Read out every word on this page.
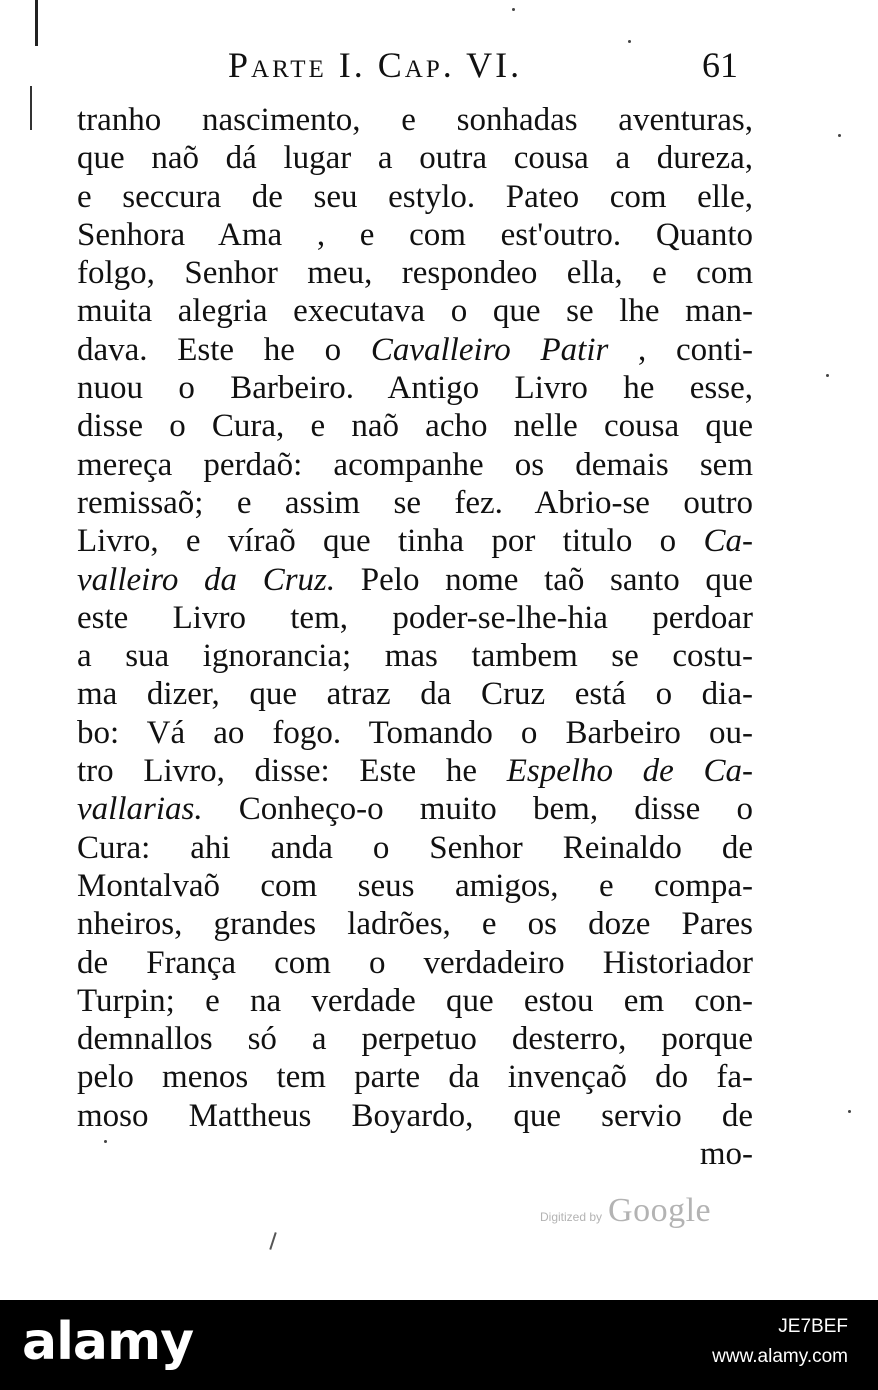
Parte I. Cap. VI.	61
tranho nascimento, e sonhadas aventuras,
que naõ dá lugar a outra cousa a dureza,
e seccura de seu estylo. Pateo com elle,
Senhora Ama , e com est'outro. Quanto
folgo, Senhor meu, respondeo ella, e com
muita alegria executava o que se lhe man-
dava. Este he o Cavalleiro Patir , conti-
nuou o Barbeiro. Antigo Livro he esse,
disse o Cura, e naõ acho nelle cousa que
mereça perdaõ: acompanhe os demais sem
remissaõ; e assim se fez. Abrio-se outro
Livro, e víraõ que tinha por titulo o Ca-
valleiro da Cruz. Pelo nome taõ santo que
este Livro tem, poder-se-lhe-hia perdoar
a sua ignorancia; mas tambem se costu-
ma dizer, que atraz da Cruz está o dia-
bo: Vá ao fogo. Tomando o Barbeiro ou-
tro Livro, disse: Este he Espelho de Ca-
vallarias. Conheço-o muito bem, disse o
Cura: ahi anda o Senhor Reinaldo de
Montalvaõ com seus amigos, e compa-
nheiros, grandes ladrões, e os doze Pares
de França com o verdadeiro Historiador
Turpin; e na verdade que estou em con-
demnallos só a perpetuo desterro, porque
pelo menos tem parte da invençaõ do fa-
moso Mattheus Boyardo, que servio de
mo-
Digitized by Google
alamy	JE7BEF
www.alamy.com
